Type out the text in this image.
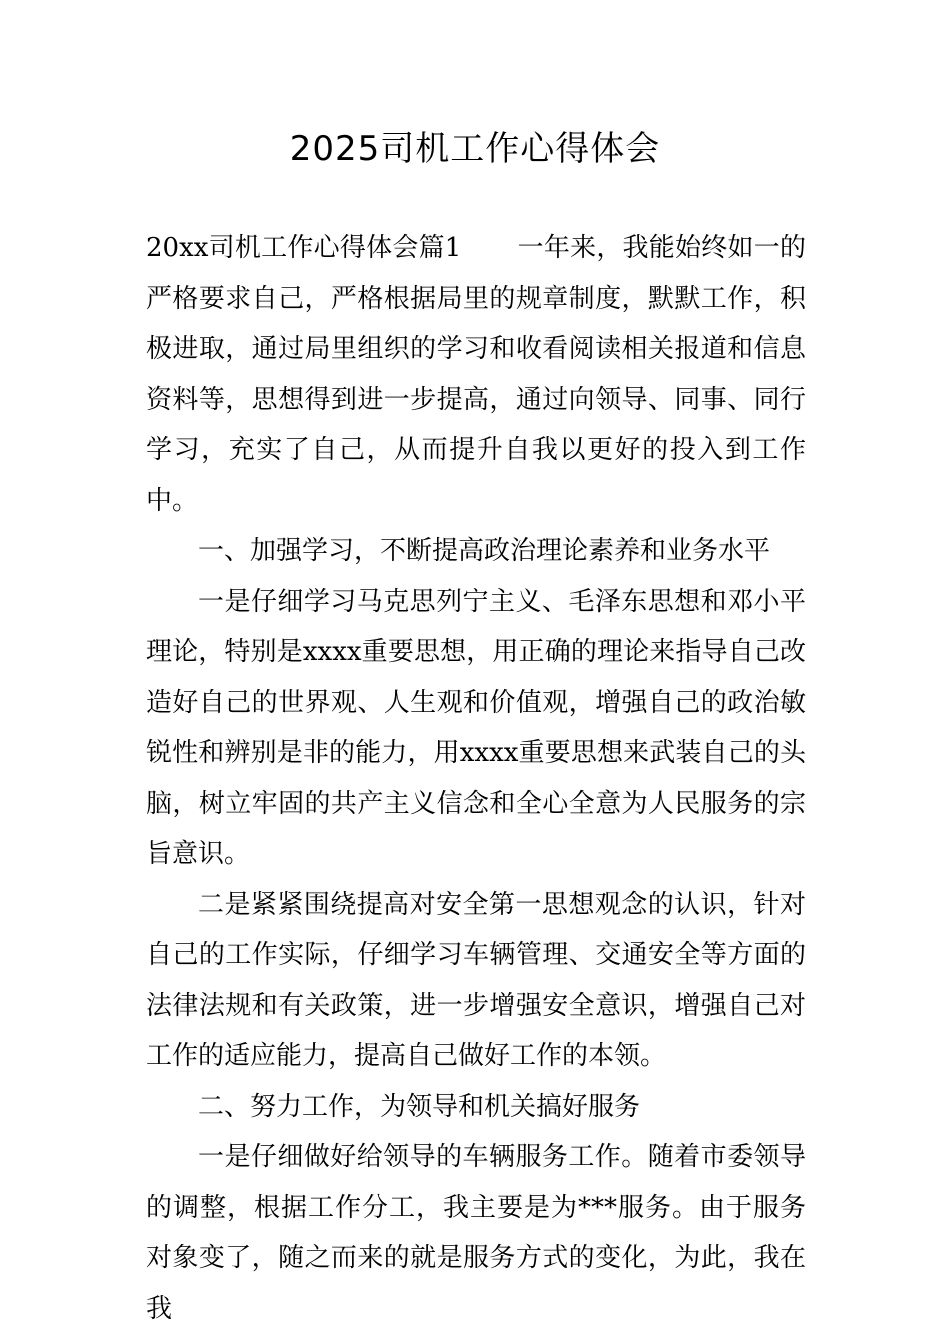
2025司机工作心得体会

20xx司机工作心得体会篇1 一年来，我能始终如一的严格要求自己，严格根据局里的规章制度，默默工作，积极进取，通过局里组织的学习和收看阅读相关报道和信息资料等，思想得到进一步提高，通过向领导、同事、同行学习，充实了自己，从而提升自我以更好的投入到工作中。

一、加强学习，不断提高政治理论素养和业务水平

一是仔细学习马克思列宁主义、毛泽东思想和邓小平理论，特别是xxxx重要思想，用正确的理论来指导自己改造好自己的世界观、人生观和价值观，增强自己的政治敏锐性和辨别是非的能力，用xxxx重要思想来武装自己的头脑，树立牢固的共产主义信念和全心全意为人民服务的宗旨意识。

二是紧紧围绕提高对安全第一思想观念的认识，针对自己的工作实际，仔细学习车辆管理、交通安全等方面的法律法规和有关政策，进一步增强安全意识，增强自己对工作的适应能力，提高自己做好工作的本领。

二、努力工作，为领导和机关搞好服务

一是仔细做好给领导的车辆服务工作。随着市委领导的调整，根据工作分工，我主要是为***服务。由于服务对象变了，随之而来的就是服务方式的变化，为此，我在我
